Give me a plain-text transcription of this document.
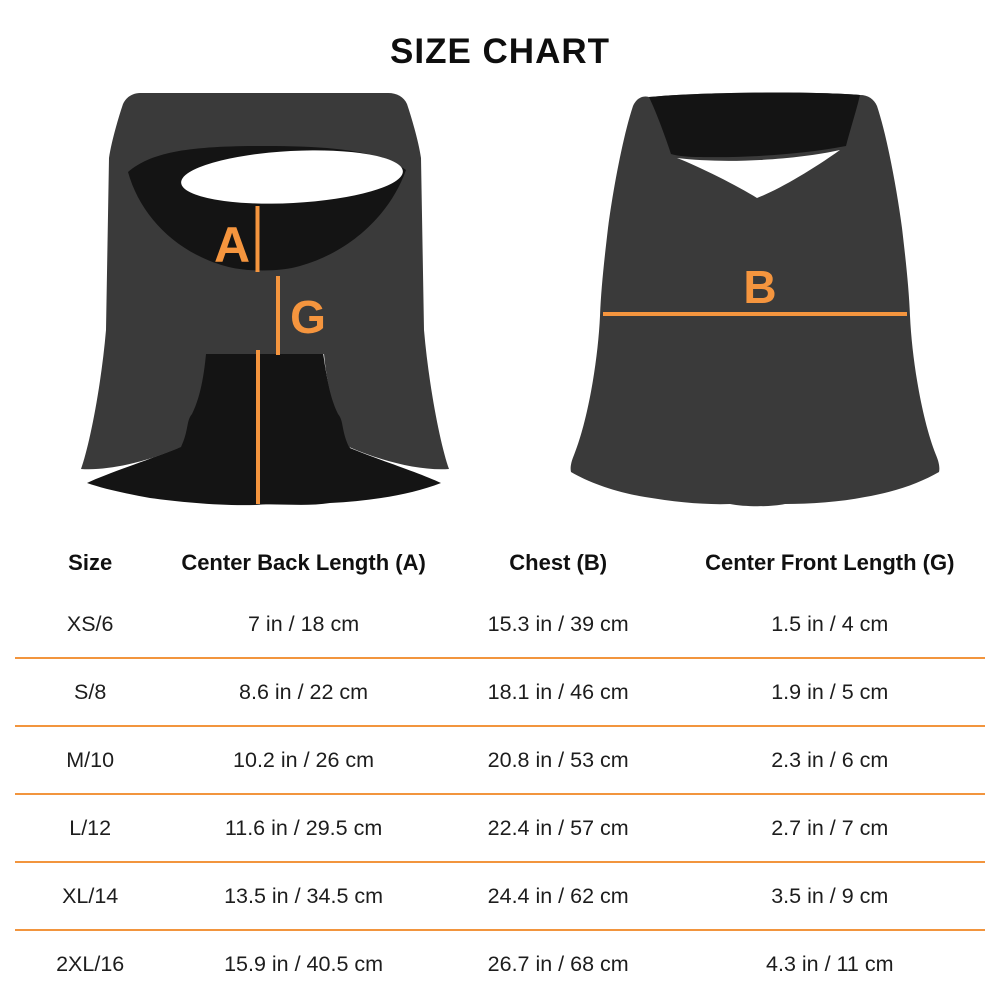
SIZE CHART
A
G
B
Size	Center Back Length (A)	Chest (B)	Center Front Length (G)
XS/6	7 in / 18 cm	15.3 in / 39 cm	1.5 in / 4 cm
S/8	8.6 in / 22 cm	18.1 in / 46 cm	1.9 in / 5 cm
M/10	10.2 in / 26 cm	20.8 in / 53 cm	2.3 in / 6 cm
L/12	11.6 in / 29.5 cm	22.4 in / 57 cm	2.7 in / 7 cm
XL/14	13.5 in / 34.5 cm	24.4 in / 62 cm	3.5 in / 9 cm
2XL/16	15.9 in / 40.5 cm	26.7 in / 68 cm	4.3 in / 11 cm
